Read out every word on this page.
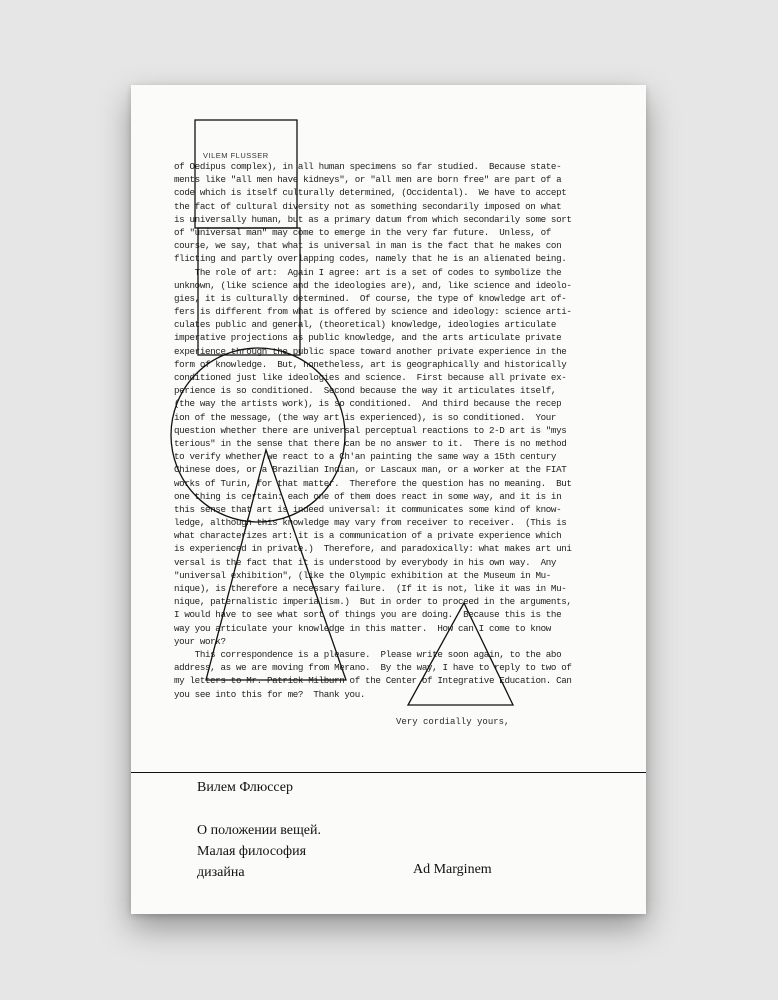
VILEM FLUSSER
of Oedipus complex), in all human specimens so far studied.  Because state-
ments like "all men have kidneys", or "all men are born free" are part of a
code which is itself culturally determined, (Occidental).  We have to accept
the fact of cultural diversity not as something secondarily imposed on what
is universally human, but as a primary datum from which secondarily some sort
of "universal man" may come to emerge in the very far future.  Unless, of
course, we say, that what is universal in man is the fact that he makes con
flicting and partly overlapping codes, namely that he is an alienated being.
The role of art:  Again I agree: art is a set of codes to symbolize the
unknown, (like science and the ideologies are), and, like science and ideolo-
gies, it is culturally determined.  Of course, the type of knowledge art of-
fers is different from what is offered by science and ideology: science arti-
culates public and general, (theoretical) knowledge, ideologies articulate
imperative projections as public knowledge, and the arts articulate private
experience through the public space toward another private experience in the
form of knowledge.  But, nonetheless, art is geographically and historically
conditioned just like ideologies and science.  First because all private ex-
perience is so conditioned.  Second because the way it articulates itself,
(the way the artists work), is so conditioned.  And third because the recep
ion of the message, (the way art is experienced), is so conditioned.  Your
question whether there are universal perceptual reactions to 2-D art is "mys
terious" in the sense that there can be no answer to it.  There is no method
to verify whether we react to a Ch'an painting the same way a 15th century
Chinese does, or a Brazilian Indian, or Lascaux man, or a worker at the FIAT
works of Turin, for that matter.  Therefore the question has no meaning.  But
one thing is certain: each one of them does react in some way, and it is in
this sense that art is indeed universal: it communicates some kind of know-
ledge, although this knowledge may vary from receiver to receiver.  (This is
what characterizes art: it is a communication of a private experience which
is experienced in private.)  Therefore, and paradoxically: what makes art uni
versal is the fact that it is understood by everybody in his own way.  Any
"universal exhibition", (like the Olympic exhibition at the Museum in Mu-
nique), is therefore a necessary failure.  (If it is not, like it was in Mu-
nique, paternalistic imperialism.)  But in order to proceed in the arguments,
I would have to see what sort of things you are doing.  Because this is the
way you articulate your knowledge in this matter.  How can I come to know
your work?
This correspondence is a pleasure.  Please write soon again, to the abo
address, as we are moving from Merano.  By the way, I have to reply to two of
my letters to Mr. Patrick Milburn of the Center of Integrative Education. Can
you see into this for me?  Thank you.
Very cordially yours,
Вилем Флюссер
О положении вещей.
Малая философия
дизайна	Ad Marginem
